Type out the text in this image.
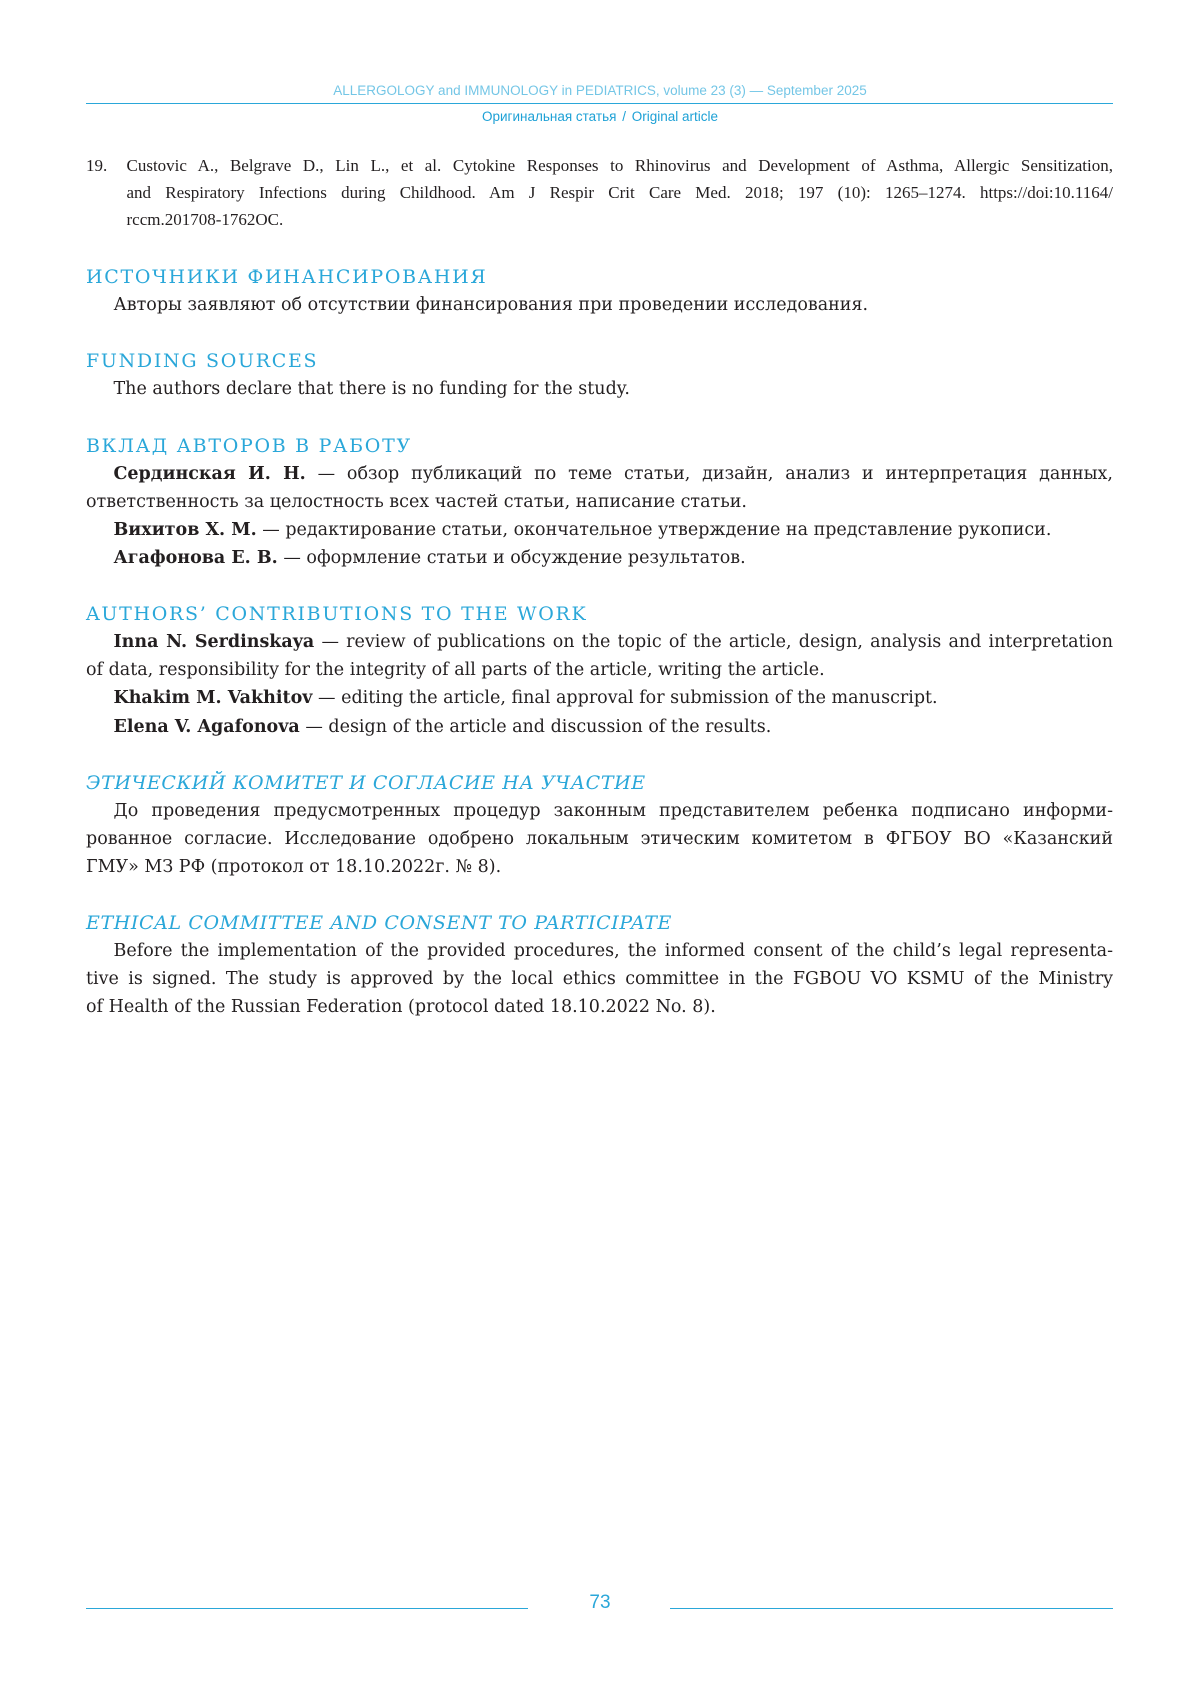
ALLERGOLOGY and IMMUNOLOGY in PEDIATRICS, volume 23 (3) — September 2025
Оригинальная статья / Original article
19. Custovic A., Belgrave D., Lin L., et al. Cytokine Responses to Rhinovirus and Development of Asthma, Allergic Sensitization,
and Respiratory Infections during Childhood. Am J Respir Crit Care Med. 2018; 197 (10): 1265–1274. https://doi:10.1164/
rccm.201708-1762OC.
ИСТОЧНИКИ ФИНАНСИРОВАНИЯ
Авторы заявляют об отсутствии финансирования при проведении исследования.
FUNDING SOURCES
The authors declare that there is no funding for the study.
ВКЛАД АВТОРОВ В РАБОТУ
Сердинская И. Н. — обзор публикаций по теме статьи, дизайн, анализ и интерпретация данных,
ответственность за целостность всех частей статьи, написание статьи.
Вихитов Х. М. — редактирование статьи, окончательное утверждение на представление рукописи.
Агафонова Е. В. — оформление статьи и обсуждение результатов.
AUTHORS’ CONTRIBUTIONS TO THE WORK
Inna N. Serdinskaya — review of publications on the topic of the article, design, analysis and interpretation
of data, responsibility for the integrity of all parts of the article, writing the article.
Khakim M. Vakhitov — editing the article, final approval for submission of the manuscript.
Elena V. Agafonova — design of the article and discussion of the results.
ЭТИЧЕСКИЙ КОМИТЕТ И СОГЛАСИЕ НА УЧАСТИЕ
До проведения предусмотренных процедур законным представителем ребенка подписано информи-
рованное согласие. Исследование одобрено локальным этическим комитетом в ФГБОУ ВО «Казанский
ГМУ» МЗ РФ (протокол от 18.10.2022г. № 8).
ETHICAL COMMITTEE AND CONSENT TO PARTICIPATE
Before the implementation of the provided procedures, the informed consent of the child’s legal representa-
tive is signed. The study is approved by the local ethics committee in the FGBOU VO KSMU of the Ministry
of Health of the Russian Federation (protocol dated 18.10.2022 No. 8).
73
